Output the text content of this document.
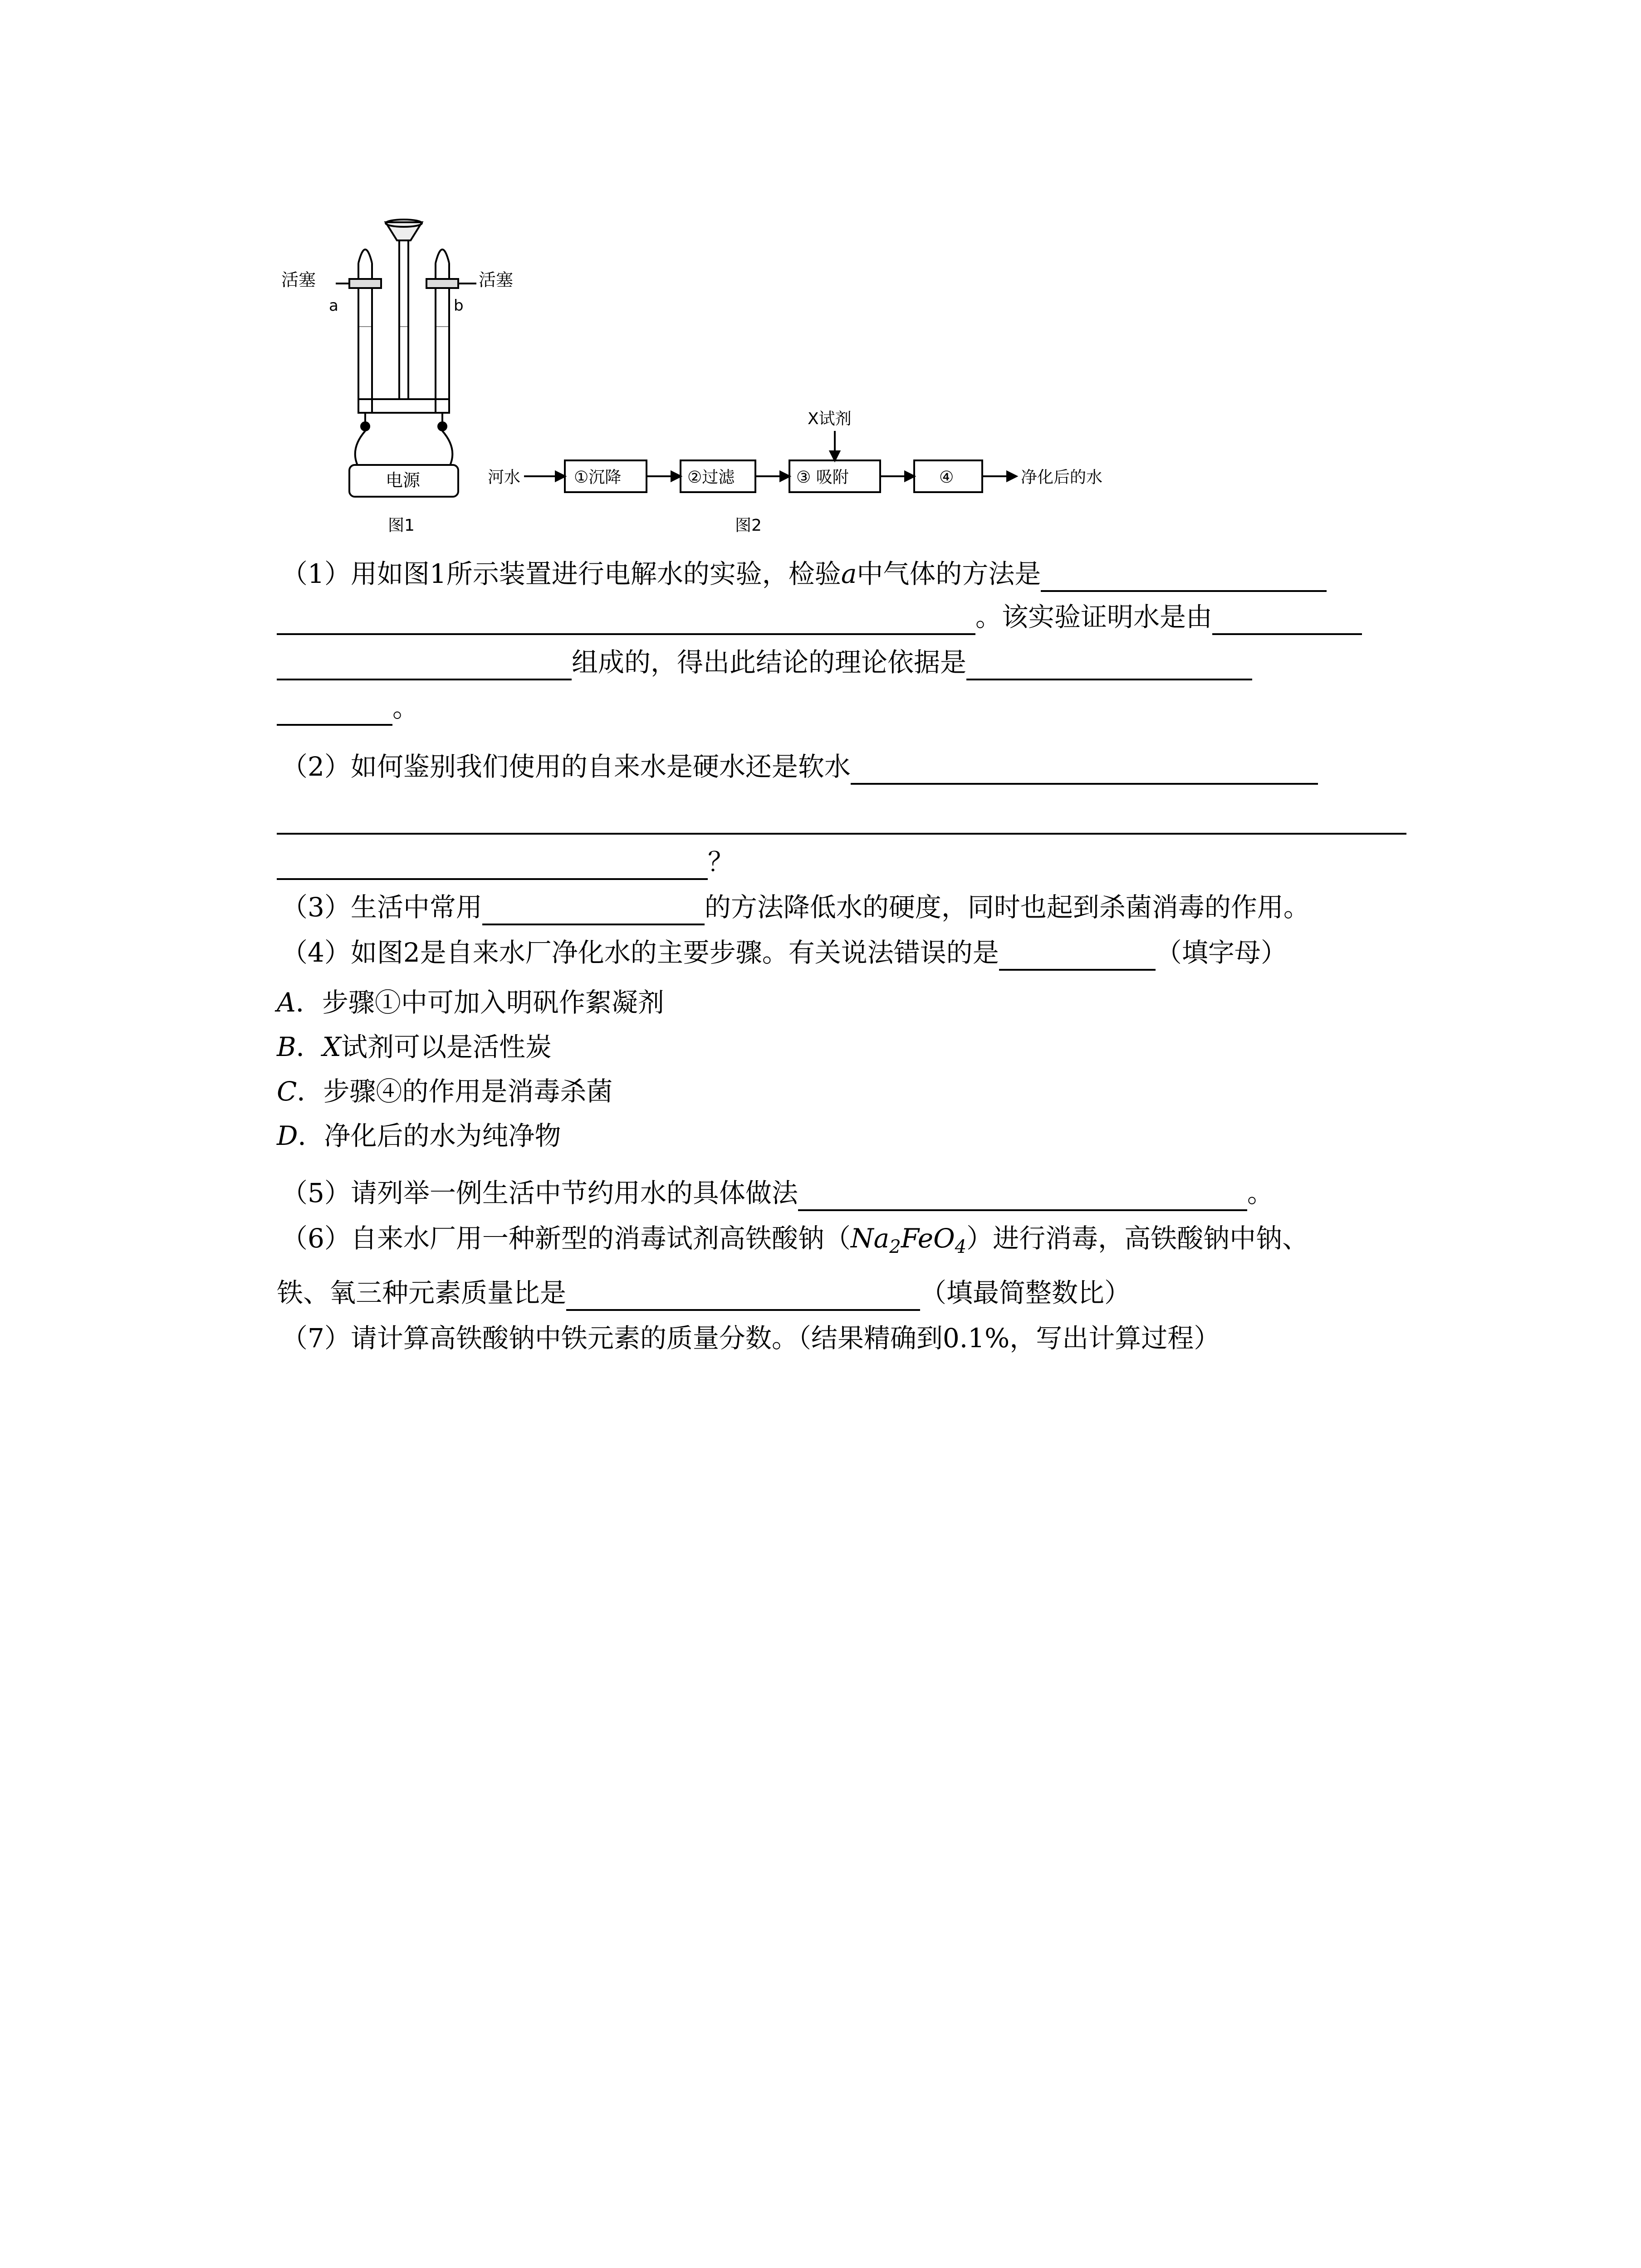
活塞	活塞
a	b
电源
图1
河水	①沉降	②过滤	③ 吸附	④
X试剂
净化后的水
图2
（1）用如图1所示装置进行电解水的实验，检验a中气体的方法是
。该实验证明水是由
组成的，得出此结论的理论依据是
。
（2）如何鉴别我们使用的自来水是硬水还是软水
？
（3）生活中常用	的方法降低水的硬度，同时也起到杀菌消毒的作用。
（4）如图2是自来水厂净化水的主要步骤。有关说法错误的是	（填字母）
A．步骤①中可加入明矾作絮凝剂
B．X试剂可以是活性炭
C．步骤④的作用是消毒杀菌
D．净化后的水为纯净物
（5）请列举一例生活中节约用水的具体做法	。
（6）自来水厂用一种新型的消毒试剂高铁酸钠$(Na_2FeO_4)$进行消毒，高铁酸钠中钠、
铁、氧三种元素质量比是	（填最简整数比）
（7）请计算高铁酸钠中铁元素的质量分数。（结果精确到0.1%，写出计算过程）
